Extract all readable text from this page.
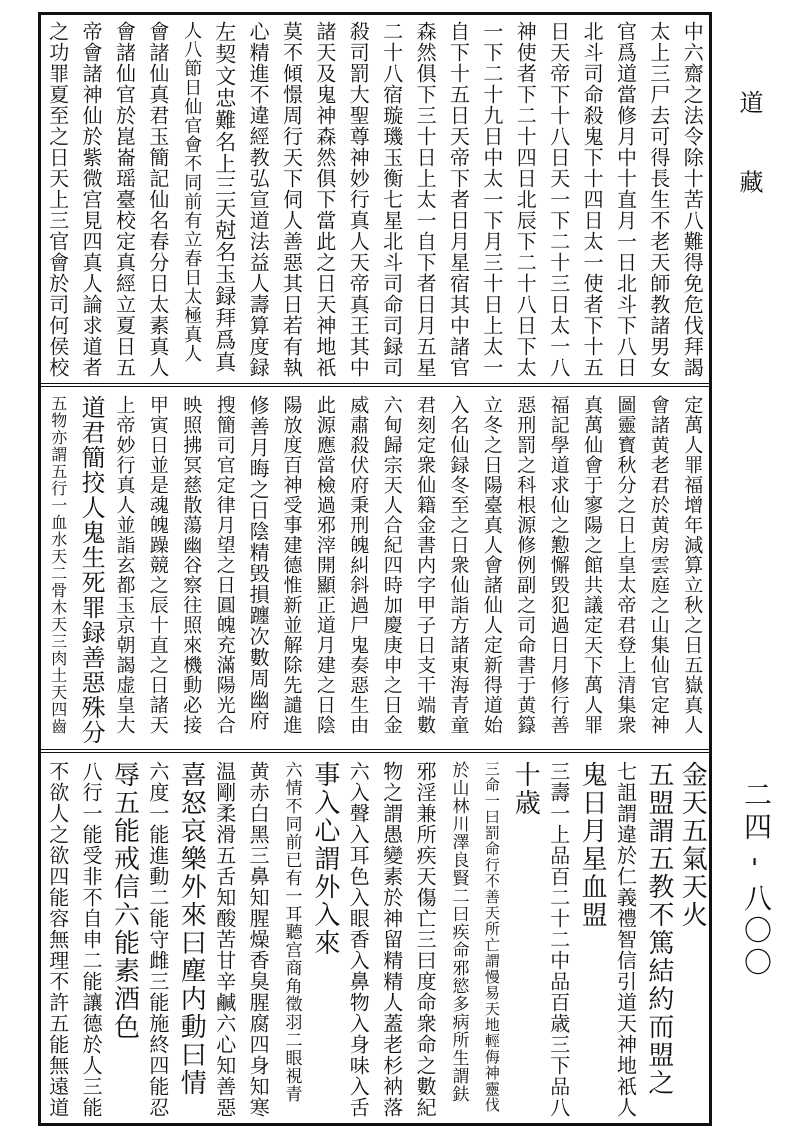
中六齋之法令除十苦八難得免危伐拜謁
太上三尸去可得長生不老天師教諸男女
官爲道當修月中十直月一日北斗下八日
北斗司命殺鬼下十四日太一使者下十五
日天帝下十八日天一下二十三日太一八
神使者下二十四日北辰下二十八日下太
一下二十九日中太一下月三十日上太一
自下十五日天帝下者日月星宿其中諸官
森然俱下三十日上太一自下者日月五星
二十八宿璇璣玉衡七星北斗司命司録司
殺司罰大聖尊神妙行真人天帝真王其中
諸天及鬼神森然俱下當此之日天神地祇
莫不傾憬周行天下伺人善惡其日若有執
心精進不違經教弘宣道法益人壽算度録
左契文忠難名上三天尅名玉録拜爲真
人八節日仙官會不同前有立春日太極真人
會諸仙真君玉簡記仙名春分日太素真人
會諸仙官於崑崙瑶臺校定真經立夏日五
帝會諸神仙於紫微宫見四真人論求道者
之功罪夏至之日天上三官會於司何侯校
定萬人罪福增年減算立秋之日五嶽真人
會諸黄老君於黄房雲庭之山集仙官定神
圖靈寳秋分之日上皇太帝君登上清集衆
真萬仙會于寥陽之館共議定天下萬人罪
福記學道求仙之懃懈毁犯過日月修行善
惡刑罰之科根源修例副之司命書于黄籙
立冬之日陽臺真人會諸仙人定新得道始
入名仙録冬至之日衆仙詣方諸東海青童
君刻定衆仙籍金書内字甲子日支干端數
六甸歸宗天人合紀四時加慶庚申之日金
威肅殺伏府秉刑魄糾斜過尸鬼奏惡生由
此源應當檢過邪滓開顯正道月建之日陰
陽放度百神受事建德惟新並解除先譴進
修善月晦之日陰精毁損躔次數周幽府
搜簡司官定律月望之日圓魄充滿陽光合
映照拂冥慈散蕩幽谷察往照來機動必接
甲寅日並是魂魄躁競之辰十直之日諸天
上帝妙行真人並詣玄都玉京朝謁虚皇大
道君簡挍人鬼生死罪録善惡殊分
五物亦謂五行一血水天二骨木天三肉土天四齒
金天五氣天火
五盟謂五教不篤結約而盟之
七詛謂違於仁義禮智信引道天神地祇人
鬼日月星血盟
三壽一上品百二十二中品百歳三下品八
十歳
三命一曰罰命行不善天所亡謂慢易天地輕侮神靈伐
於山林川澤良賢二曰疾命邪慾多病所生謂鈇
邪淫兼所疾天傷亡三曰度命衆命之數紀
物之謂愚變素於神留精精人蓋老杉衲落
六入聲入耳色入眼香入鼻物入身味入舌
事入心謂外入來
六情不同前已有一耳聽宫商角徵羽二眼視青
黄赤白黑三鼻知腥燥香臭腥腐四身知寒
温剛柔滑五舌知酸苦甘辛鹹六心知善惡
喜怒哀樂外來曰塵内動曰情
六度一能進動二能守雌三能施終四能忍
辱五能戒信六能素酒色
八行一能受非不自申二能讓德於人三能
不欲人之欲四能容無理不許五能無遠道
道 藏
二四 - 八〇〇
